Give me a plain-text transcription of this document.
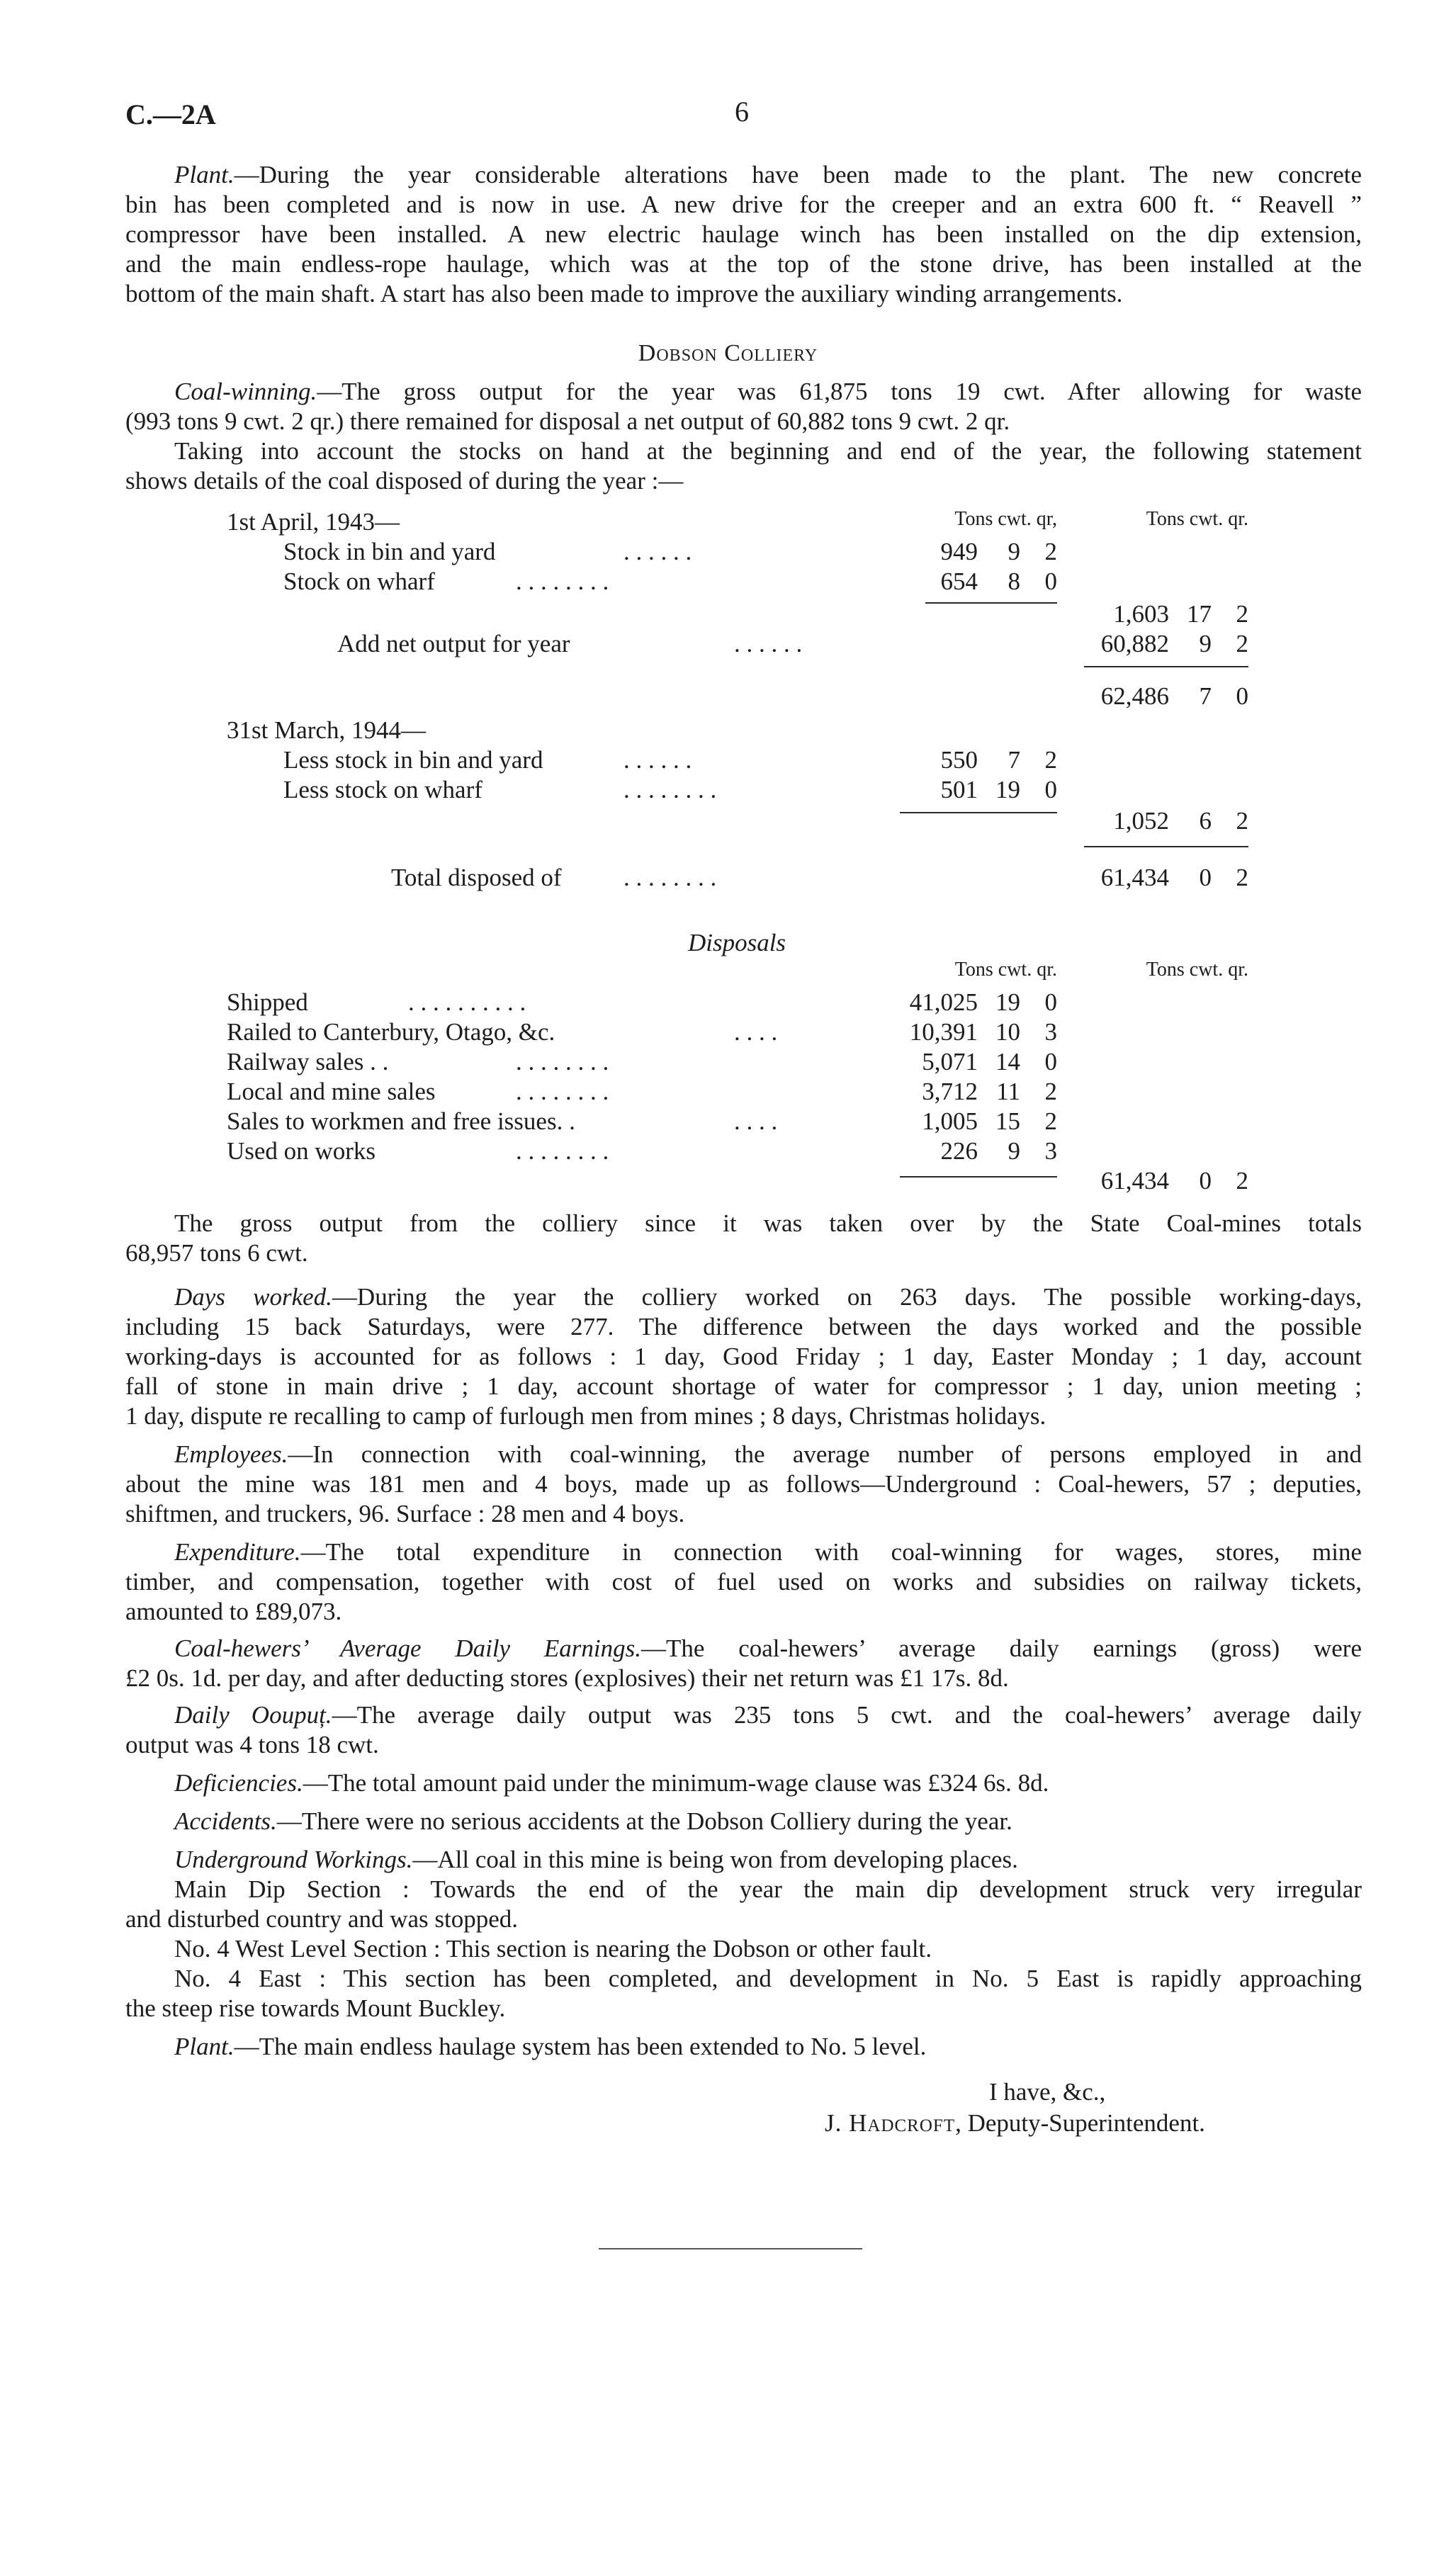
C.—2A	6
Plant.—During the year considerable alterations have been made to the plant. The new concrete
bin has been completed and is now in use. A new drive for the creeper and an extra 600 ft. “ Reavell ”
compressor have been installed. A new electric haulage winch has been installed on the dip extension,
and the main endless-rope haulage, which was at the top of the stone drive, has been installed at the
bottom of the main shaft. A start has also been made to improve the auxiliary winding arrangements.
Dobson Colliery
Coal-winning.—The gross output for the year was 61,875 tons 19 cwt. After allowing for waste
(993 tons 9 cwt. 2 qr.) there remained for disposal a net output of 60,882 tons 9 cwt. 2 qr.
Taking into account the stocks on hand at the beginning and end of the year, the following statement
shows details of the coal disposed of during the year :—
Tons cwt. qr,	Tons cwt. qr.
1st April, 1943—
Stock in bin and yard	. . . . . .	949	9 2
Stock on wharf	. . . . . . . .	654	8 0
1,603 17 2
Add net output for year	. . . . . .	60,882	9 2
62,486	7 0
31st March, 1944—
Less stock in bin and yard	. . . . . .	550	7 2
Less stock on wharf	. . . . . . . .	501 19 0
1,052	6 2
Total disposed of . . . . . . . .	61,434	0 2
Disposals
Tons cwt. qr.	Tons cwt. qr.
Shipped	. . . . . . . . . .	41,025 19 0
Railed to Canterbury, Otago, &c.	. . . .	10,391 10 3
Railway sales . .	. . . . . . . .	5,071 14 0
Local and mine sales	. . . . . . . .	3,712 11 2
Sales to workmen and free issues. .	. . . .	1,005 15 2
Used on works	. . . . . . . .	226	9 3
61,434	0 2
The gross output from the colliery since it was taken over by the State Coal-mines totals
68,957 tons 6 cwt.
Days worked.—During the year the colliery worked on 263 days. The possible working-days,
including 15 back Saturdays, were 277. The difference between the days worked and the possible
working-days is accounted for as follows : 1 day, Good Friday ; 1 day, Easter Monday ; 1 day, account
fall of stone in main drive ; 1 day, account shortage of water for compressor ; 1 day, union meeting ;
1 day, dispute re recalling to camp of furlough men from mines ; 8 days, Christmas holidays.
Employees.—In connection with coal-winning, the average number of persons employed in and
about the mine was 181 men and 4 boys, made up as follows—Underground : Coal-hewers, 57 ; deputies,
shiftmen, and truckers, 96. Surface : 28 men and 4 boys.
Expenditure.—The total expenditure in connection with coal-winning for wages, stores, mine
timber, and compensation, together with cost of fuel used on works and subsidies on railway tickets,
amounted to £89,073.
Coal-hewers’ Average Daily Earnings.—The coal-hewers’ average daily earnings (gross) were
£2 0s. 1d. per day, and after deducting stores (explosives) their net return was £1 17s. 8d.
Daily Ooupuț.—The average daily output was 235 tons 5 cwt. and the coal-hewers’ average daily
output was 4 tons 18 cwt.
Deficiencies.—The total amount paid under the minimum-wage clause was £324 6s. 8d.
Accidents.—There were no serious accidents at the Dobson Colliery during the year.
Underground Workings.—All coal in this mine is being won from developing places.
Main Dip Section : Towards the end of the year the main dip development struck very irregular
and disturbed country and was stopped.
No. 4 West Level Section : This section is nearing the Dobson or other fault.
No. 4 East : This section has been completed, and development in No. 5 East is rapidly approaching
the steep rise towards Mount Buckley.
Plant.—The main endless haulage system has been extended to No. 5 level.
I have, &c.,
J. Hadcroft, Deputy-Superintendent.
